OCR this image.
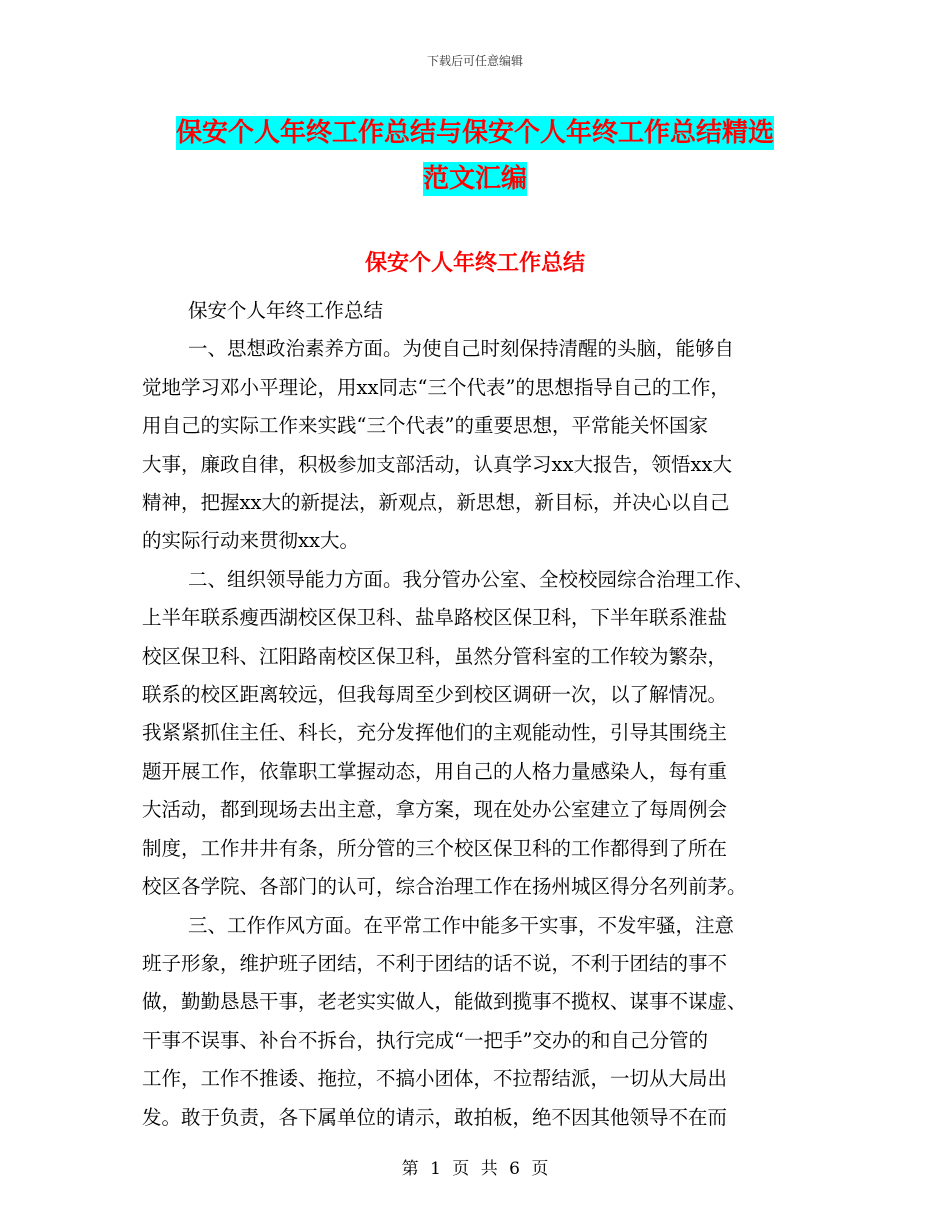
下载后可任意编辑
保安个人年终工作总结与保安个人年终工作总结精选
范文汇编
保安个人年终工作总结

保安个人年终工作总结

一、思想政治素养方面。为使自己时刻保持清醒的头脑，能够自
觉地学习邓小平理论，用xx同志“三个代表”的思想指导自己的工作，
用自己的实际工作来实践“三个代表”的重要思想，平常能关怀国家
大事，廉政自律，积极参加支部活动，认真学习xx大报告，领悟xx大
精神，把握xx大的新提法，新观点，新思想，新目标，并决心以自己
的实际行动来贯彻xx大。

二、组织领导能力方面。我分管办公室、全校校园综合治理工作、
上半年联系瘦西湖校区保卫科、盐阜路校区保卫科，下半年联系淮盐
校区保卫科、江阳路南校区保卫科，虽然分管科室的工作较为繁杂，
联系的校区距离较远，但我每周至少到校区调研一次，以了解情况。
我紧紧抓住主任、科长，充分发挥他们的主观能动性，引导其围绕主
题开展工作，依靠职工掌握动态，用自己的人格力量感染人，每有重
大活动，都到现场去出主意，拿方案，现在处办公室建立了每周例会
制度，工作井井有条，所分管的三个校区保卫科的工作都得到了所在
校区各学院、各部门的认可，综合治理工作在扬州城区得分名列前茅。

三、工作作风方面。在平常工作中能多干实事，不发牢骚，注意
班子形象，维护班子团结，不利于团结的话不说，不利于团结的事不
做，勤勤恳恳干事，老老实实做人，能做到揽事不揽权、谋事不谋虚、
干事不误事、补台不拆台，执行完成“一把手”交办的和自己分管的
工作，工作不推诿、拖拉，不搞小团体，不拉帮结派，一切从大局出
发。敢于负责，各下属单位的请示，敢拍板，绝不因其他领导不在而

第 1 页 共 6 页
